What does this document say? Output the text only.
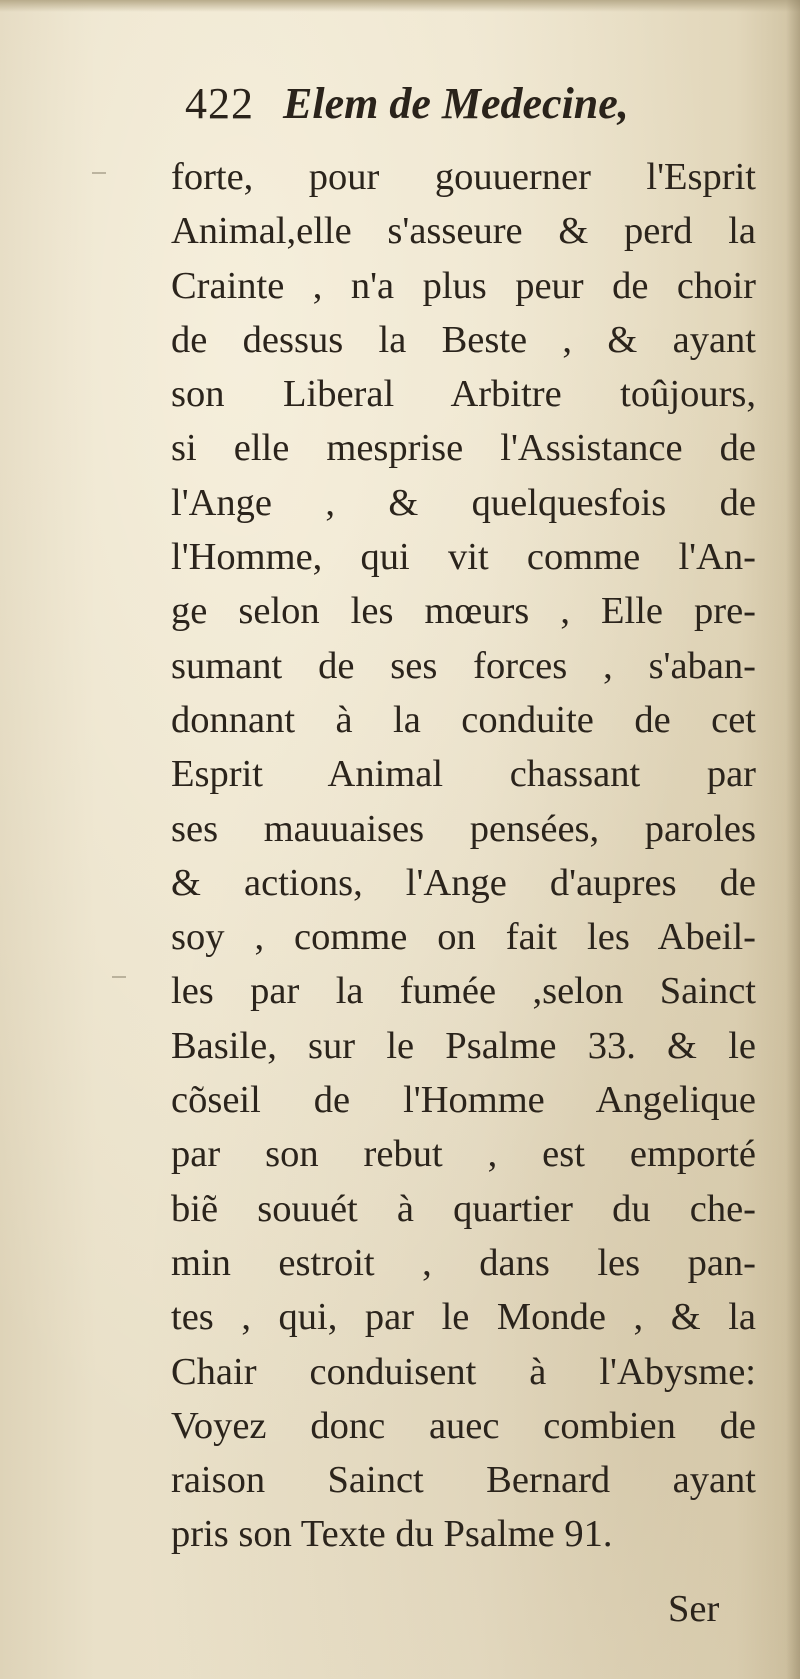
422 Elem de Medecine,
forte, pour gouuerner l'Esprit
Animal,elle s'asseure & perd la
Crainte , n'a plus peur de choir
de dessus la Beste , & ayant
son Liberal Arbitre toûjours,
si elle mesprise l'Assistance de
l'Ange , & quelquesfois de
l'Homme, qui vit comme l'An-
ge selon les mœurs , Elle pre-
sumant de ses forces , s'aban-
donnant à la conduite de cet
Esprit Animal chassant par
ses mauuaises pensées, paroles
& actions, l'Ange d'aupres de
soy , comme on fait les Abeil-
les par la fumée ,selon Sainct
Basile, sur le Psalme 33. & le
cõseil de l'Homme Angelique
par son rebut , est emporté
biẽ souuét à quartier du che-
min estroit , dans les pan-
tes , qui, par le Monde , & la
Chair conduisent à l'Abysme:
Voyez donc auec combien de
raison Sainct Bernard ayant
pris son Texte du Psalme 91.
Ser
